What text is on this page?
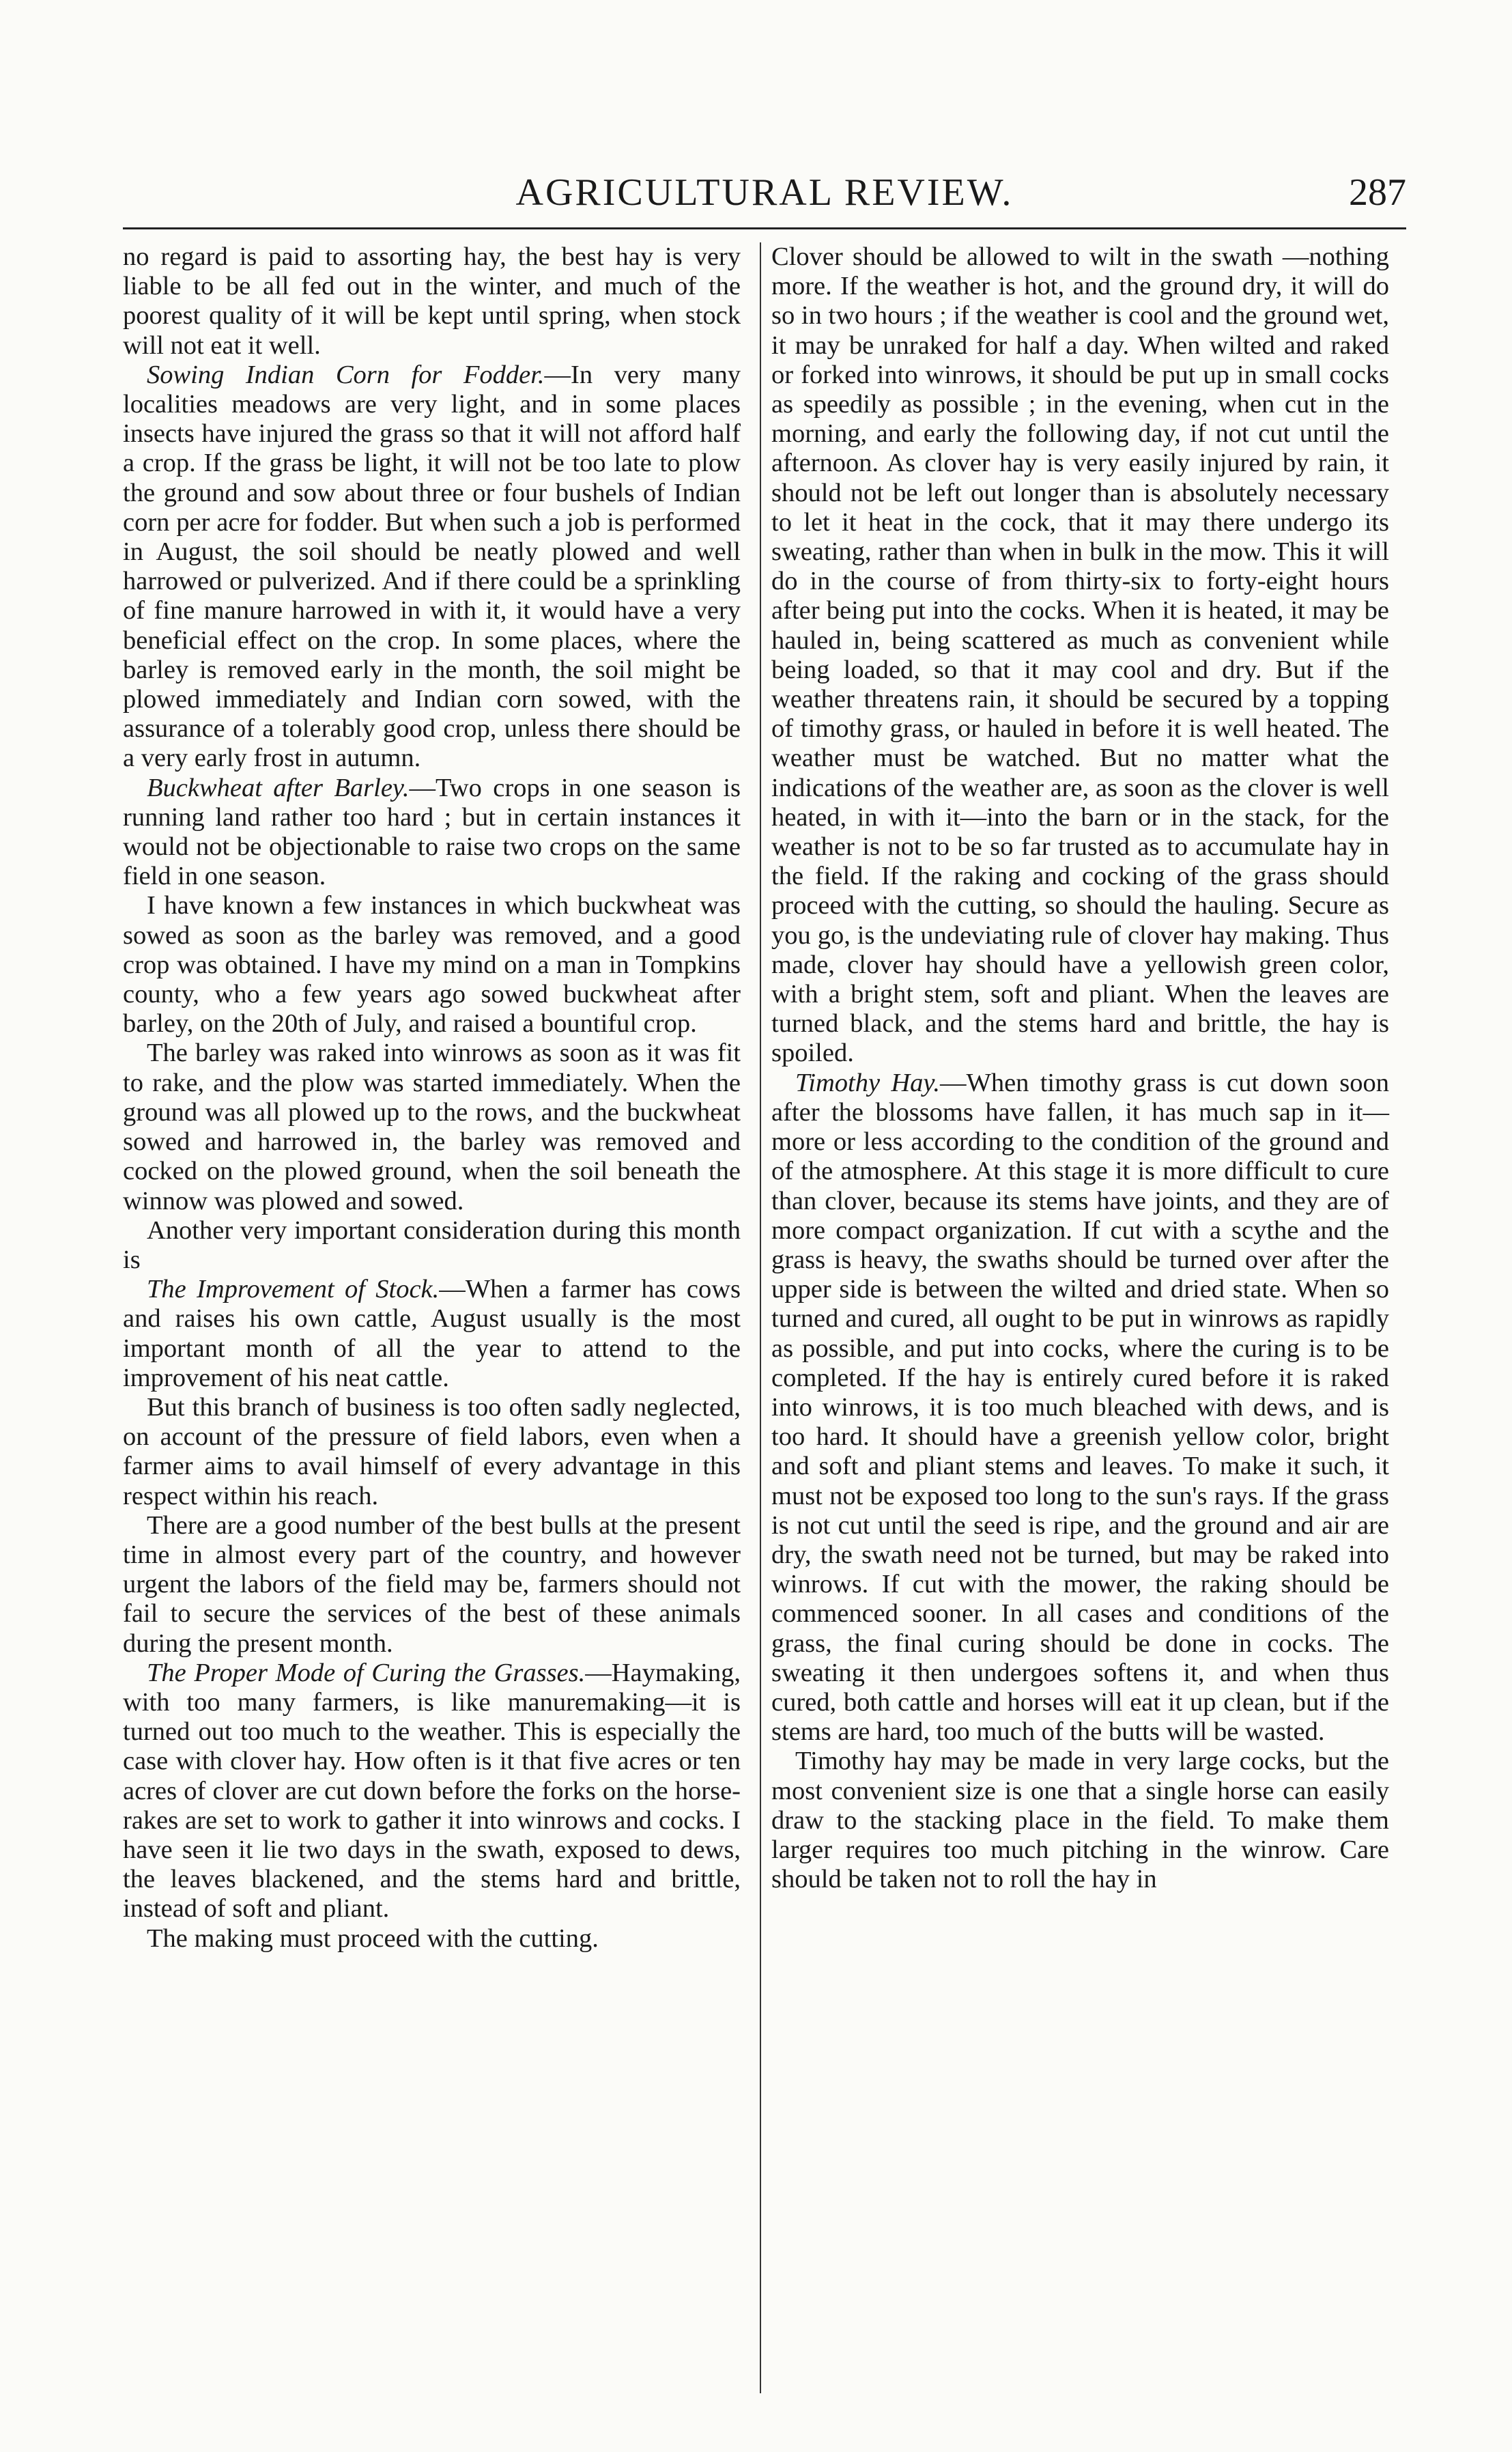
AGRICULTURAL REVIEW.	287

no regard is paid to assorting hay, the best hay is very liable to be all fed out in the winter, and much of the poorest quality of it will be kept until spring, when stock will not eat it well.

Sowing Indian Corn for Fodder.—In very many localities meadows are very light, and in some places insects have injured the grass so that it will not afford half a crop. If the grass be light, it will not be too late to plow the ground and sow about three or four bushels of Indian corn per acre for fodder. But when such a job is performed in August, the soil should be neatly plowed and well harrowed or pulverized. And if there could be a sprinkling of fine manure harrowed in with it, it would have a very beneficial effect on the crop. In some places, where the barley is removed early in the month, the soil might be plowed immediately and Indian corn sowed, with the assurance of a tolerably good crop, unless there should be a very early frost in autumn.

Buckwheat after Barley.—Two crops in one season is running land rather too hard ; but in certain instances it would not be objectionable to raise two crops on the same field in one season.

I have known a few instances in which buckwheat was sowed as soon as the barley was removed, and a good crop was obtained. I have my mind on a man in Tompkins county, who a few years ago sowed buckwheat after barley, on the 20th of July, and raised a bountiful crop.

The barley was raked into winrows as soon as it was fit to rake, and the plow was started immediately. When the ground was all plowed up to the rows, and the buckwheat sowed and harrowed in, the barley was removed and cocked on the plowed ground, when the soil beneath the winnow was plowed and sowed.

Another very important consideration during this month is

The Improvement of Stock.—When a farmer has cows and raises his own cattle, August usually is the most important month of all the year to attend to the improvement of his neat cattle.

But this branch of business is too often sadly neglected, on account of the pressure of field labors, even when a farmer aims to avail himself of every advantage in this respect within his reach.

There are a good number of the best bulls at the present time in almost every part of the country, and however urgent the labors of the field may be, farmers should not fail to secure the services of the best of these animals during the present month.

The Proper Mode of Curing the Grasses.—Haymaking, with too many farmers, is like manuremaking—it is turned out too much to the weather. This is especially the case with clover hay. How often is it that five acres or ten acres of clover are cut down before the forks on the horse-rakes are set to work to gather it into winrows and cocks. I have seen it lie two days in the swath, exposed to dews, the leaves blackened, and the stems hard and brittle, instead of soft and pliant.

The making must proceed with the cutting.

Clover should be allowed to wilt in the swath —nothing more. If the weather is hot, and the ground dry, it will do so in two hours ; if the weather is cool and the ground wet, it may be unraked for half a day. When wilted and raked or forked into winrows, it should be put up in small cocks as speedily as possible ; in the evening, when cut in the morning, and early the following day, if not cut until the afternoon. As clover hay is very easily injured by rain, it should not be left out longer than is absolutely necessary to let it heat in the cock, that it may there undergo its sweating, rather than when in bulk in the mow. This it will do in the course of from thirty-six to forty-eight hours after being put into the cocks. When it is heated, it may be hauled in, being scattered as much as convenient while being loaded, so that it may cool and dry. But if the weather threatens rain, it should be secured by a topping of timothy grass, or hauled in before it is well heated. The weather must be watched. But no matter what the indications of the weather are, as soon as the clover is well heated, in with it—into the barn or in the stack, for the weather is not to be so far trusted as to accumulate hay in the field. If the raking and cocking of the grass should proceed with the cutting, so should the hauling. Secure as you go, is the undeviating rule of clover hay making. Thus made, clover hay should have a yellowish green color, with a bright stem, soft and pliant. When the leaves are turned black, and the stems hard and brittle, the hay is spoiled.

Timothy Hay.—When timothy grass is cut down soon after the blossoms have fallen, it has much sap in it—more or less according to the condition of the ground and of the atmosphere. At this stage it is more difficult to cure than clover, because its stems have joints, and they are of more compact organization. If cut with a scythe and the grass is heavy, the swaths should be turned over after the upper side is between the wilted and dried state. When so turned and cured, all ought to be put in winrows as rapidly as possible, and put into cocks, where the curing is to be completed. If the hay is entirely cured before it is raked into winrows, it is too much bleached with dews, and is too hard. It should have a greenish yellow color, bright and soft and pliant stems and leaves. To make it such, it must not be exposed too long to the sun's rays. If the grass is not cut until the seed is ripe, and the ground and air are dry, the swath need not be turned, but may be raked into winrows. If cut with the mower, the raking should be commenced sooner. In all cases and conditions of the grass, the final curing should be done in cocks. The sweating it then undergoes softens it, and when thus cured, both cattle and horses will eat it up clean, but if the stems are hard, too much of the butts will be wasted.

Timothy hay may be made in very large cocks, but the most convenient size is one that a single horse can easily draw to the stacking place in the field. To make them larger requires too much pitching in the winrow. Care should be taken not to roll the hay in
